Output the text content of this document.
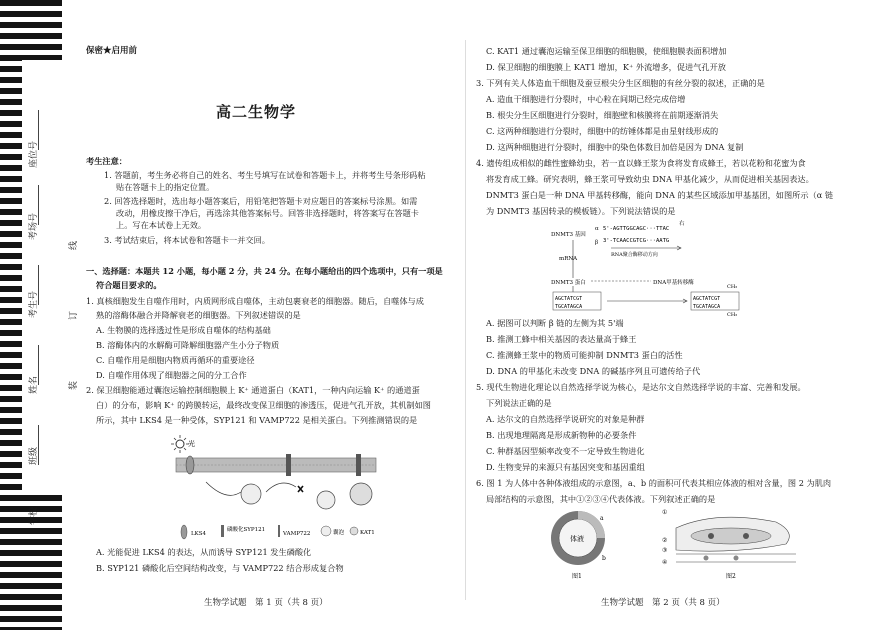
座位号
考场号
考生号
姓名
班级
学校
线
订
装
保密★启用前
高二生物学
考生注意：
1. 答题前，考生务必将自己的姓名、考生号填写在试卷和答题卡上，并将考生号条形码粘
贴在答题卡上的指定位置。
2. 回答选择题时，选出每小题答案后，用铅笔把答题卡对应题目的答案标号涂黑。如需
改动，用橡皮擦干净后，再选涂其他答案标号。回答非选择题时，将答案写在答题卡
上。写在本试卷上无效。
3. 考试结束后，将本试卷和答题卡一并交回。
一、选择题：本题共 12 小题，每小题 2 分，共 24 分。在每小题给出的四个选项中，只有一项是
符合题目要求的。
1. 真核细胞发生自噬作用时，内质网形成自噬体，主动包裹衰老的细胞器。随后，自噬体与成
熟的溶酶体融合并降解衰老的细胞器。下列叙述错误的是
A. 生物膜的选择透过性是形成自噬体的结构基础
B. 溶酶体内的水解酶可降解细胞器产生小分子物质
C. 自噬作用是细胞内物质再循环的重要途径
D. 自噬作用体现了细胞器之间的分工合作
2. 保卫细胞能通过囊泡运输控制细胞膜上 K⁺ 通道蛋白（KAT1，一种内向运输 K⁺ 的通道蛋
白）的分布，影响 K⁺ 的跨膜转运，最终改变保卫细胞的渗透压，促进气孔开放，其机制如图
所示，其中 LKS4 是一种受体，SYP121 和 VAMP722 是相关蛋白。下列推测错误的是
光
LKS4
磷酸化SYP121
VAMP722	囊泡	KAT1
A. 光能促进 LKS4 的表达，从而诱导 SYP121 发生磷酸化
B. SYP121 磷酸化后空间结构改变，与 VAMP722 结合形成复合物
生物学试题　第 1 页（共 8 页）
C. KAT1 通过囊泡运输至保卫细胞的细胞膜，使细胞膜表面积增加
D. 保卫细胞的细胞膜上 KAT1 增加，K⁺ 外流增多，促进气孔开放
3. 下列有关人体造血干细胞及蚕豆根尖分生区细胞的有丝分裂的叙述，正确的是
A. 造血干细胞进行分裂时，中心粒在间期已经完成倍增
B. 根尖分生区细胞进行分裂时，细胞壁和核膜将在前期逐渐消失
C. 这两种细胞进行分裂时，细胞中的纺锤体都是由星射线形成的
D. 这两种细胞进行分裂时，细胞中的染色体数目加倍是因为 DNA 复制
4. 遗传组成相似的雌性蜜蜂幼虫，若一直以蜂王浆为食将发育成蜂王，若以花粉和花蜜为食
将发育成工蜂。研究表明，蜂王浆可导致幼虫 DNA 甲基化减少，从而促进相关基因表达。
DNMT3 蛋白是一种 DNA 甲基转移酶，能向 DNA 的某些区域添加甲基基团，如图所示（α 链
为 DNMT3 基因转录的模板链）。下列说法错误的是
DNMT3 基因
α
β
右
5'-AGTTGGCAGC···TTAC
3'-TCAACCGTCG···AATG
RNA聚合酶移动方向
mRNA
DNMT3 蛋白	DNA甲基转移酶
AGCTATCGT
TGCATAGCA
AGCTATCGT
TGCATAGCA
CH₃
CH₃
A. 据图可以判断 β 链的左侧为其 5'端
B. 推测工蜂中相关基因的表达量高于蜂王
C. 推测蜂王浆中的物质可能抑制 DNMT3 蛋白的活性
D. DNA 的甲基化未改变 DNA 的碱基序列且可遗传给子代
5. 现代生物进化理论以自然选择学说为核心，是达尔文自然选择学说的丰富、完善和发展。
下列说法正确的是
A. 达尔文的自然选择学说研究的对象是种群
B. 出现地理隔离是形成新物种的必要条件
C. 种群基因型频率改变不一定导致生物进化
D. 生物变异的来源只有基因突变和基因重组
6. 图 1 为人体中各种体液组成的示意图，a、b 的面积可代表其相应体液的相对含量，图 2 为肌肉
局部结构的示意图，其中①②③④代表体液。下列叙述正确的是
体液
a
b
图1
①
②
③
④
图2
生物学试题　第 2 页（共 8 页）
